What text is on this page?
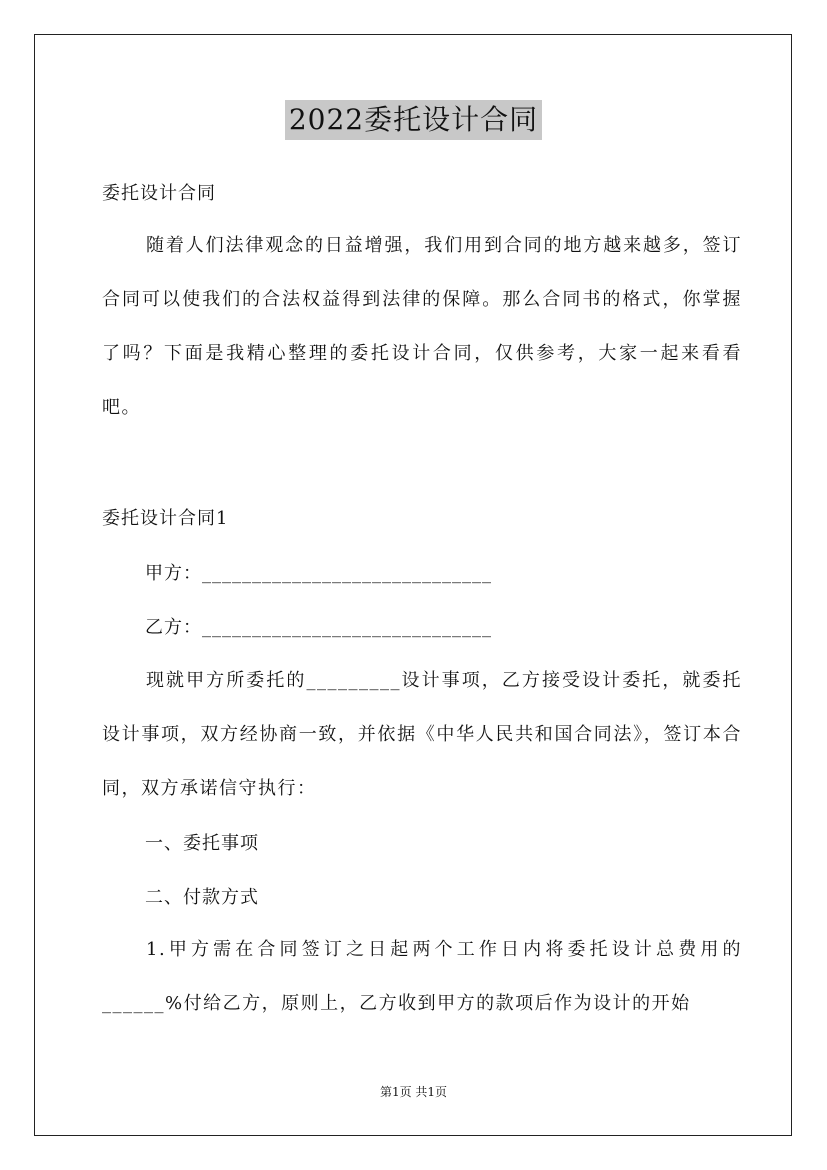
2022委托设计合同
委托设计合同

随着人们法律观念的日益增强，我们用到合同的地方越来越多，签订合同可以使我们的合法权益得到法律的保障。那么合同书的格式，你掌握了吗？下面是我精心整理的委托设计合同，仅供参考，大家一起来看看吧。

委托设计合同1
甲方：_____________________________
乙方：_____________________________

现就甲方所委托的_________设计事项，乙方接受设计委托，就委托设计事项，双方经协商一致，并依据《中华人民共和国合同法》，签订本合同，双方承诺信守执行：

一、委托事项
二、付款方式

1.甲方需在合同签订之日起两个工作日内将委托设计总费用的______%付给乙方，原则上，乙方收到甲方的款项后作为设计的开始

第1页 共1页
